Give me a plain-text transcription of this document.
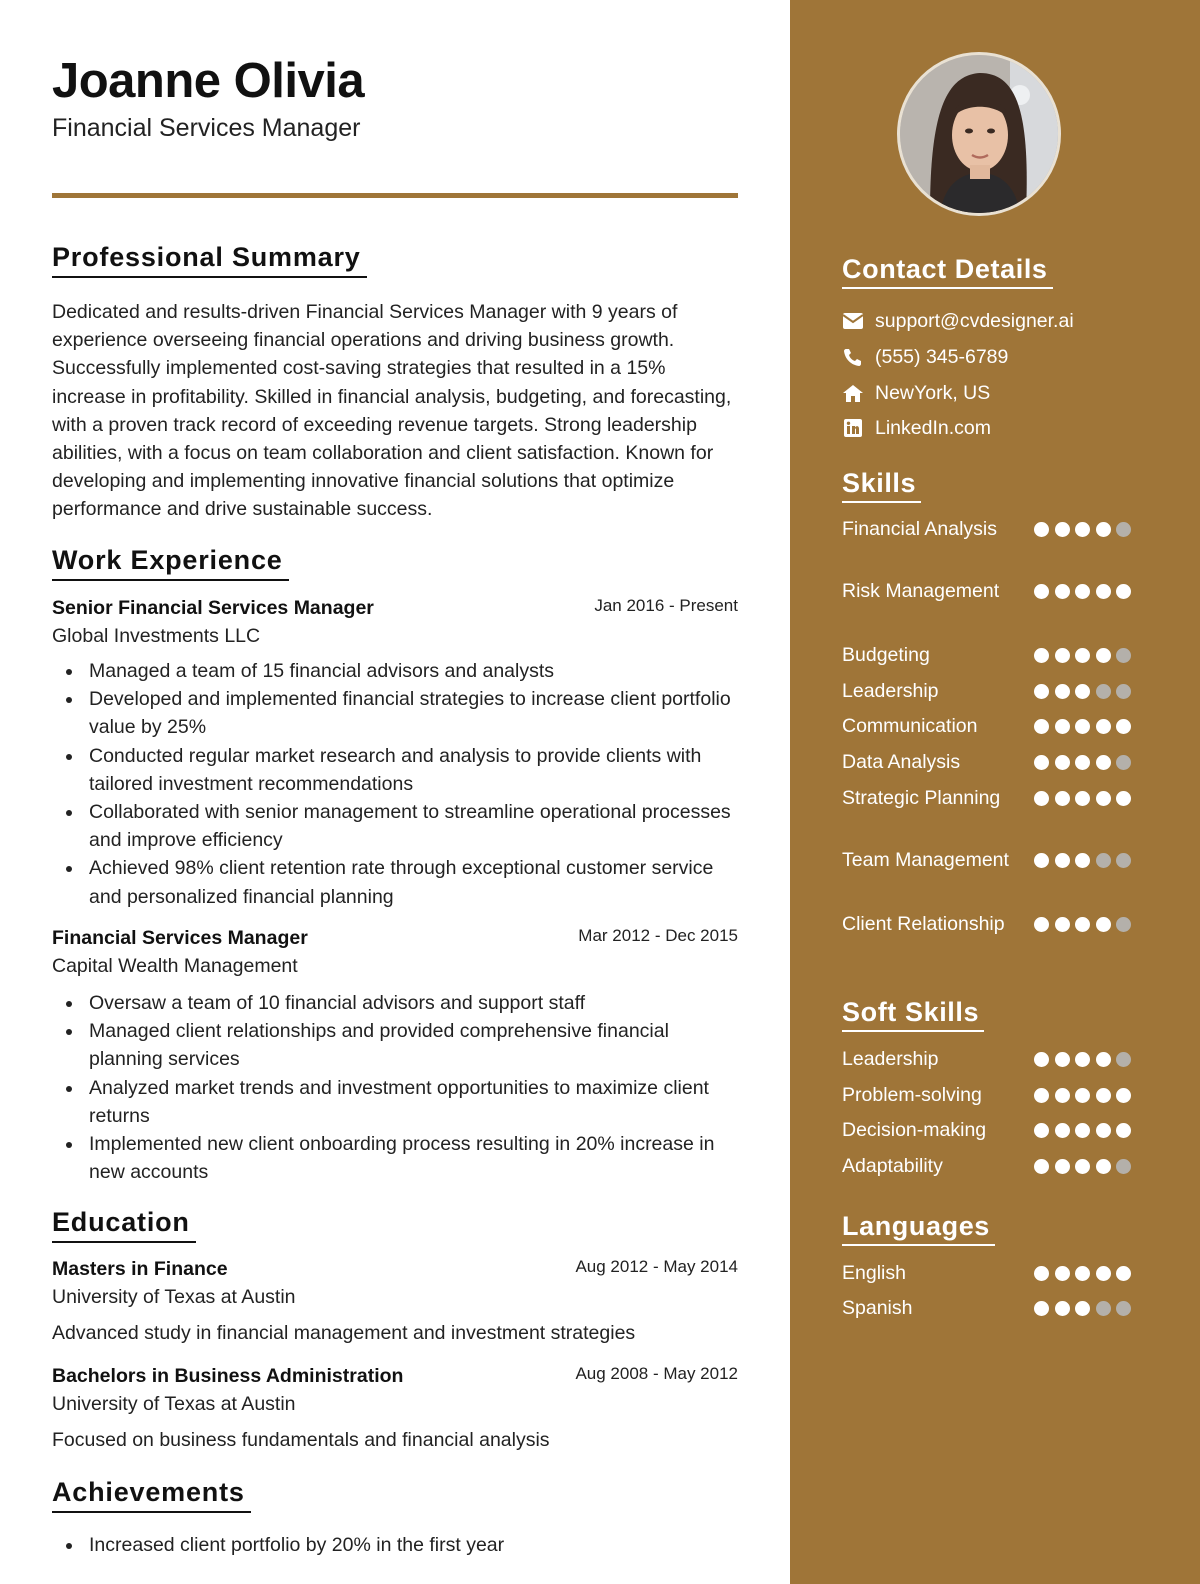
Joanne Olivia
Financial Services Manager
Professional Summary
Dedicated and results-driven Financial Services Manager with 9 years of experience overseeing financial operations and driving business growth. Successfully implemented cost-saving strategies that resulted in a 15% increase in profitability. Skilled in financial analysis, budgeting, and forecasting, with a proven track record of exceeding revenue targets. Strong leadership abilities, with a focus on team collaboration and client satisfaction. Known for developing and implementing innovative financial solutions that optimize performance and drive sustainable success.
Work Experience
Senior Financial Services Manager	Jan 2016 - Present
Global Investments LLC
Managed a team of 15 financial advisors and analysts
Developed and implemented financial strategies to increase client portfolio value by 25%
Conducted regular market research and analysis to provide clients with tailored investment recommendations
Collaborated with senior management to streamline operational processes and improve efficiency
Achieved 98% client retention rate through exceptional customer service and personalized financial planning
Financial Services Manager	Mar 2012 - Dec 2015
Capital Wealth Management
Oversaw a team of 10 financial advisors and support staff
Managed client relationships and provided comprehensive financial planning services
Analyzed market trends and investment opportunities to maximize client returns
Implemented new client onboarding process resulting in 20% increase in new accounts
Education
Masters in Finance	Aug 2012 - May 2014
University of Texas at Austin
Advanced study in financial management and investment strategies
Bachelors in Business Administration	Aug 2008 - May 2012
University of Texas at Austin
Focused on business fundamentals and financial analysis
Achievements
Increased client portfolio by 20% in the first year
Contact Details
support@cvdesigner.ai
(555) 345-6789
NewYork, US
LinkedIn.com
Skills
Financial Analysis
Risk Management
Budgeting
Leadership
Communication
Data Analysis
Strategic Planning
Team Management
Client Relationship
Soft Skills
Leadership
Problem-solving
Decision-making
Adaptability
Languages
English
Spanish
